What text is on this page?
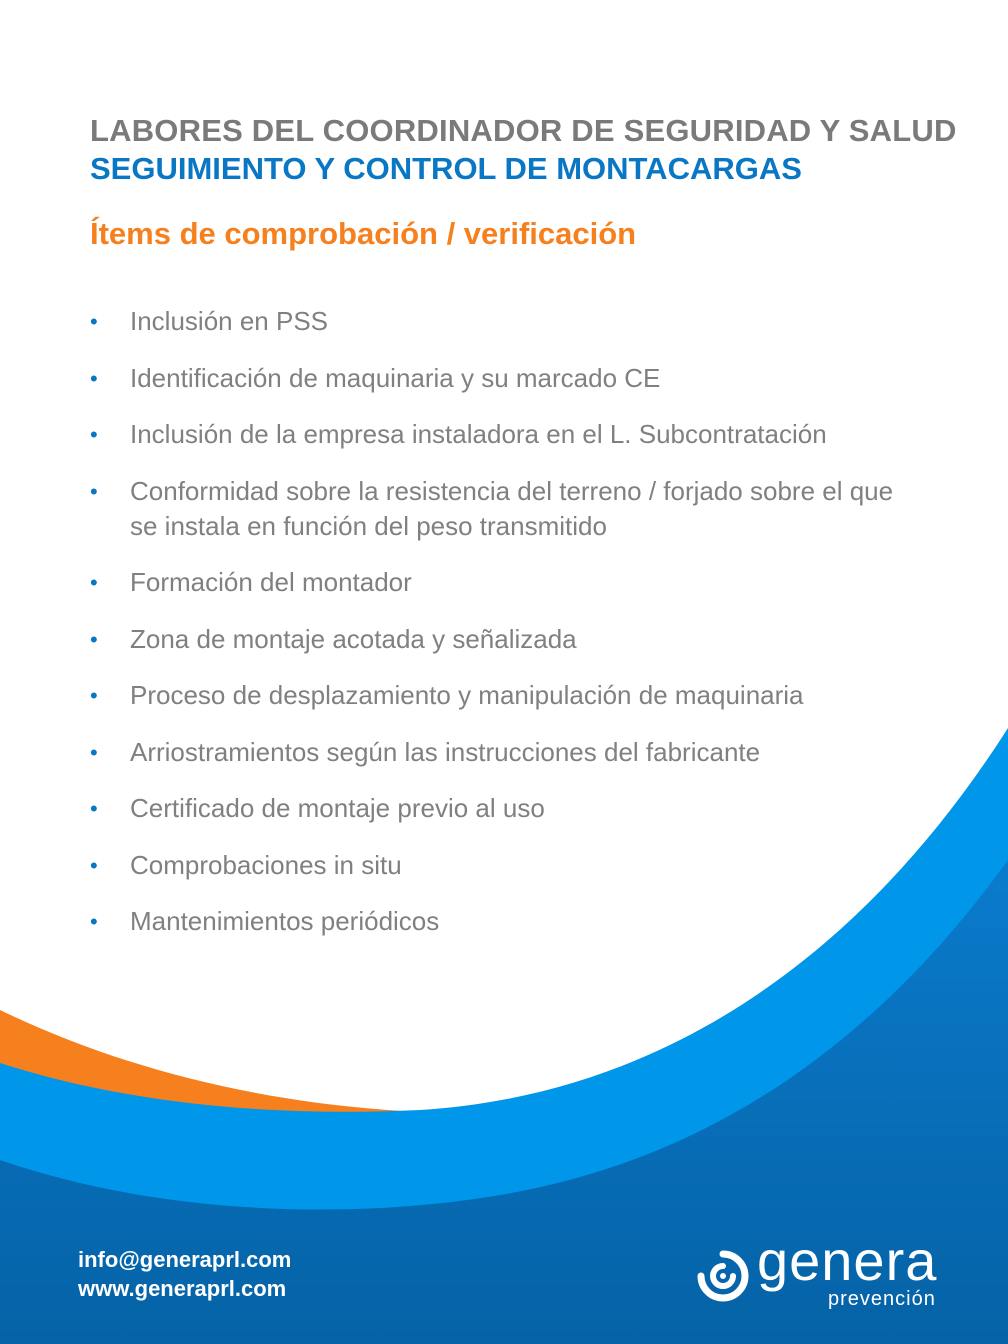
LABORES DEL COORDINADOR DE SEGURIDAD Y SALUD
SEGUIMIENTO Y CONTROL DE MONTACARGAS
Ítems de comprobación / verificación
• Inclusión en PSS
• Identificación de maquinaria y su marcado CE
• Inclusión de la empresa instaladora en el L. Subcontratación
• Conformidad sobre la resistencia del terreno / forjado sobre el que se instala en función del peso transmitido
• Formación del montador
• Zona de montaje acotada y señalizada
• Proceso de desplazamiento y manipulación de maquinaria
• Arriostramientos según las instrucciones del fabricante
• Certificado de montaje previo al uso
• Comprobaciones in situ
• Mantenimientos periódicos
info@generaprl.com
www.generaprl.com	genera
prevención
